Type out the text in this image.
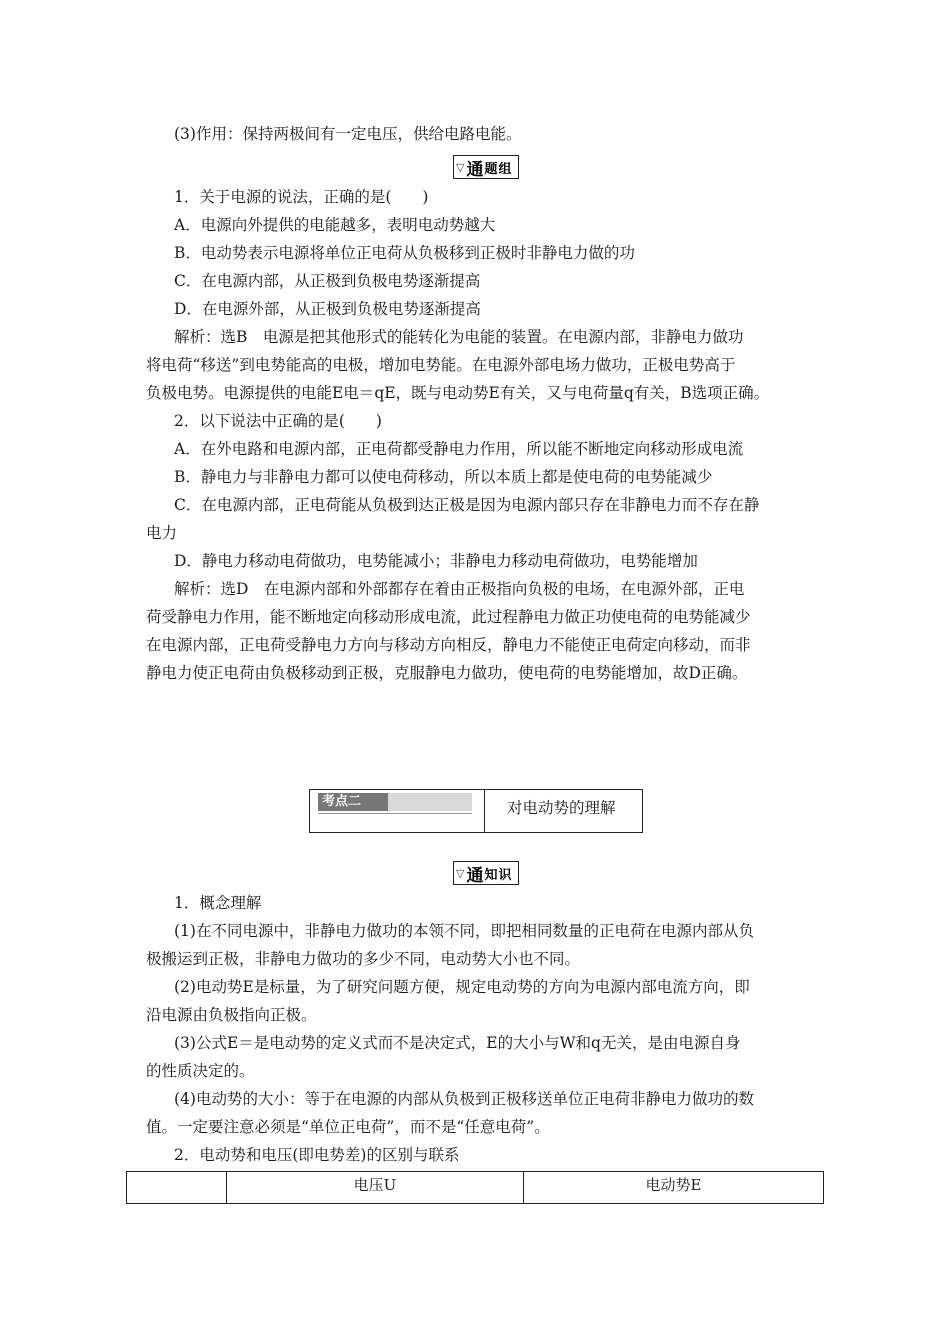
(3)作用：保持两极间有一定电压，供给电路电能。
▽ 通 题组
1．关于电源的说法，正确的是(　　)
A．电源向外提供的电能越多，表明电动势越大
B．电动势表示电源将单位正电荷从负极移到正极时非静电力做的功
C．在电源内部，从正极到负极电势逐渐提高
D．在电源外部，从正极到负极电势逐渐提高
解析：选B　电源是把其他形式的能转化为电能的装置。在电源内部，非静电力做功
将电荷“移送”到电势能高的电极，增加电势能。在电源外部电场力做功，正极电势高于
负极电势。电源提供的电能E电＝qE，既与电动势E有关，又与电荷量q有关，B选项正确。
2．以下说法中正确的是(　　)
A．在外电路和电源内部，正电荷都受静电力作用，所以能不断地定向移动形成电流
B．静电力与非静电力都可以使电荷移动，所以本质上都是使电荷的电势能减少
C．在电源内部，正电荷能从负极到达正极是因为电源内部只存在非静电力而不存在静
电力
D．静电力移动电荷做功，电势能减小；非静电力移动电荷做功，电势能增加
解析：选D　在电源内部和外部都存在着由正极指向负极的电场，在电源外部，正电
荷受静电力作用，能不断地定向移动形成电流，此过程静电力做正功使电荷的电势能减少
在电源内部，正电荷受静电力方向与移动方向相反，静电力不能使正电荷定向移动，而非
静电力使正电荷由负极移动到正极，克服静电力做功，使电荷的电势能增加，故D正确。
考点二	对电动势的理解
▽ 通 知识
1．概念理解
(1)在不同电源中，非静电力做功的本领不同，即把相同数量的正电荷在电源内部从负
极搬运到正极，非静电力做功的多少不同，电动势大小也不同。
(2)电动势E是标量，为了研究问题方便，规定电动势的方向为电源内部电流方向，即
沿电源由负极指向正极。
(3)公式E＝是电动势的定义式而不是决定式，E的大小与W和q无关，是由电源自身
的性质决定的。
(4)电动势的大小：等于在电源的内部从负极到正极移送单位正电荷非静电力做功的数
值。一定要注意必须是“单位正电荷”，而不是“任意电荷”。
2．电动势和电压(即电势差)的区别与联系
	电压U	电动势E
